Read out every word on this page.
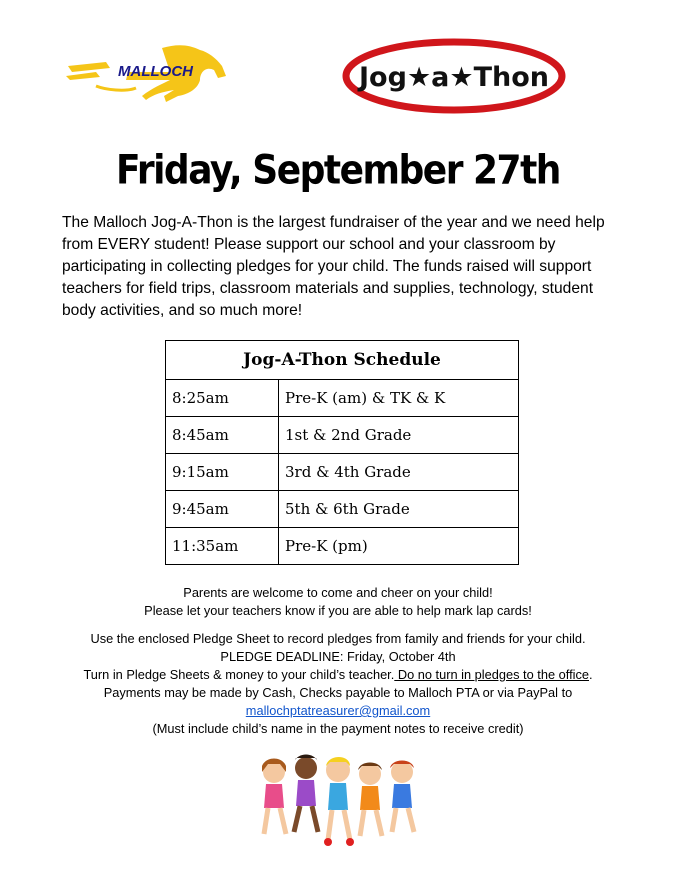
MALLOCH	Jog★a★Thon
Friday, September 27th
The Malloch Jog-A-Thon is the largest fundraiser of the year and we need help from EVERY student! Please support our school and your classroom by participating in collecting pledges for your child. The funds raised will support teachers for field trips, classroom materials and supplies, technology, student body activities, and so much more!
Jog-A-Thon Schedule	
8:25am	Pre-K (am) & TK & K
8:45am	1st & 2nd Grade
9:15am	3rd & 4th Grade
9:45am	5th & 6th Grade
11:35am	Pre-K (pm)

Parents are welcome to come and cheer on your child!

Please let your teachers know if you are able to help mark lap cards!

Use the enclosed Pledge Sheet to record pledges from family and friends for your child.

PLEDGE DEADLINE: Friday, October 4th

Turn in Pledge Sheets & money to your child’s teacher. Do no turn in pledges to the office.

Payments may be made by Cash, Checks payable to Malloch PTA or via PayPal to

mallochptatreasurer@gmail.com

(Must include child’s name in the payment notes to receive credit)
